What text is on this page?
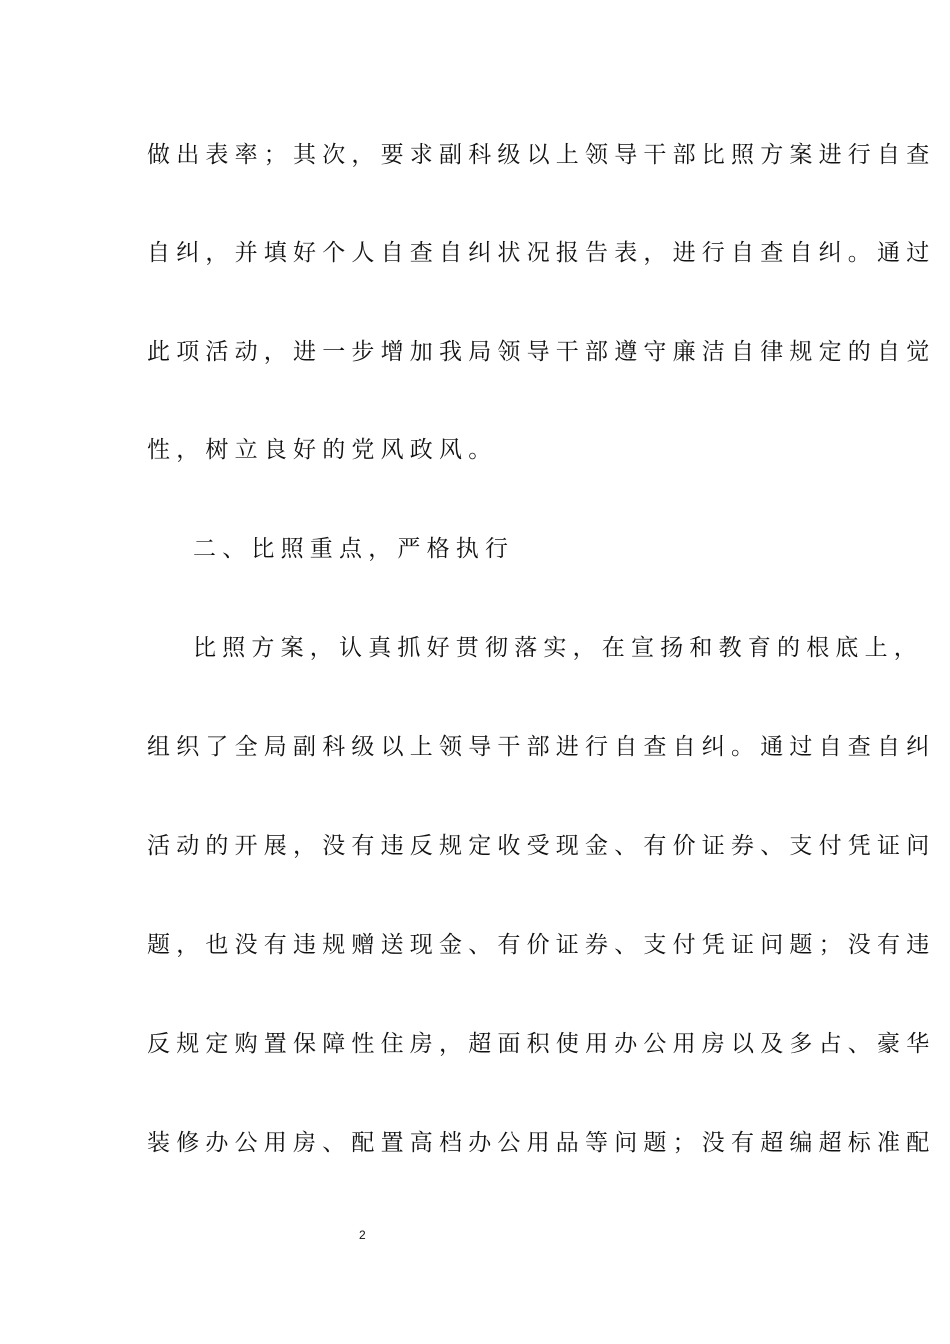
做出表率；其次，要求副科级以上领导干部比照方案进行自查
自纠，并填好个人自查自纠状况报告表，进行自查自纠。通过
此项活动，进一步增加我局领导干部遵守廉洁自律规定的自觉
性，树立良好的党风政风。
二、比照重点，严格执行
比照方案，认真抓好贯彻落实，在宣扬和教育的根底上，
组织了全局副科级以上领导干部进行自查自纠。通过自查自纠
活动的开展，没有违反规定收受现金、有价证券、支付凭证问
题，也没有违规赠送现金、有价证券、支付凭证问题；没有违
反规定购置保障性住房，超面积使用办公用房以及多占、豪华
装修办公用房、配置高档办公用品等问题；没有超编超标准配
2
